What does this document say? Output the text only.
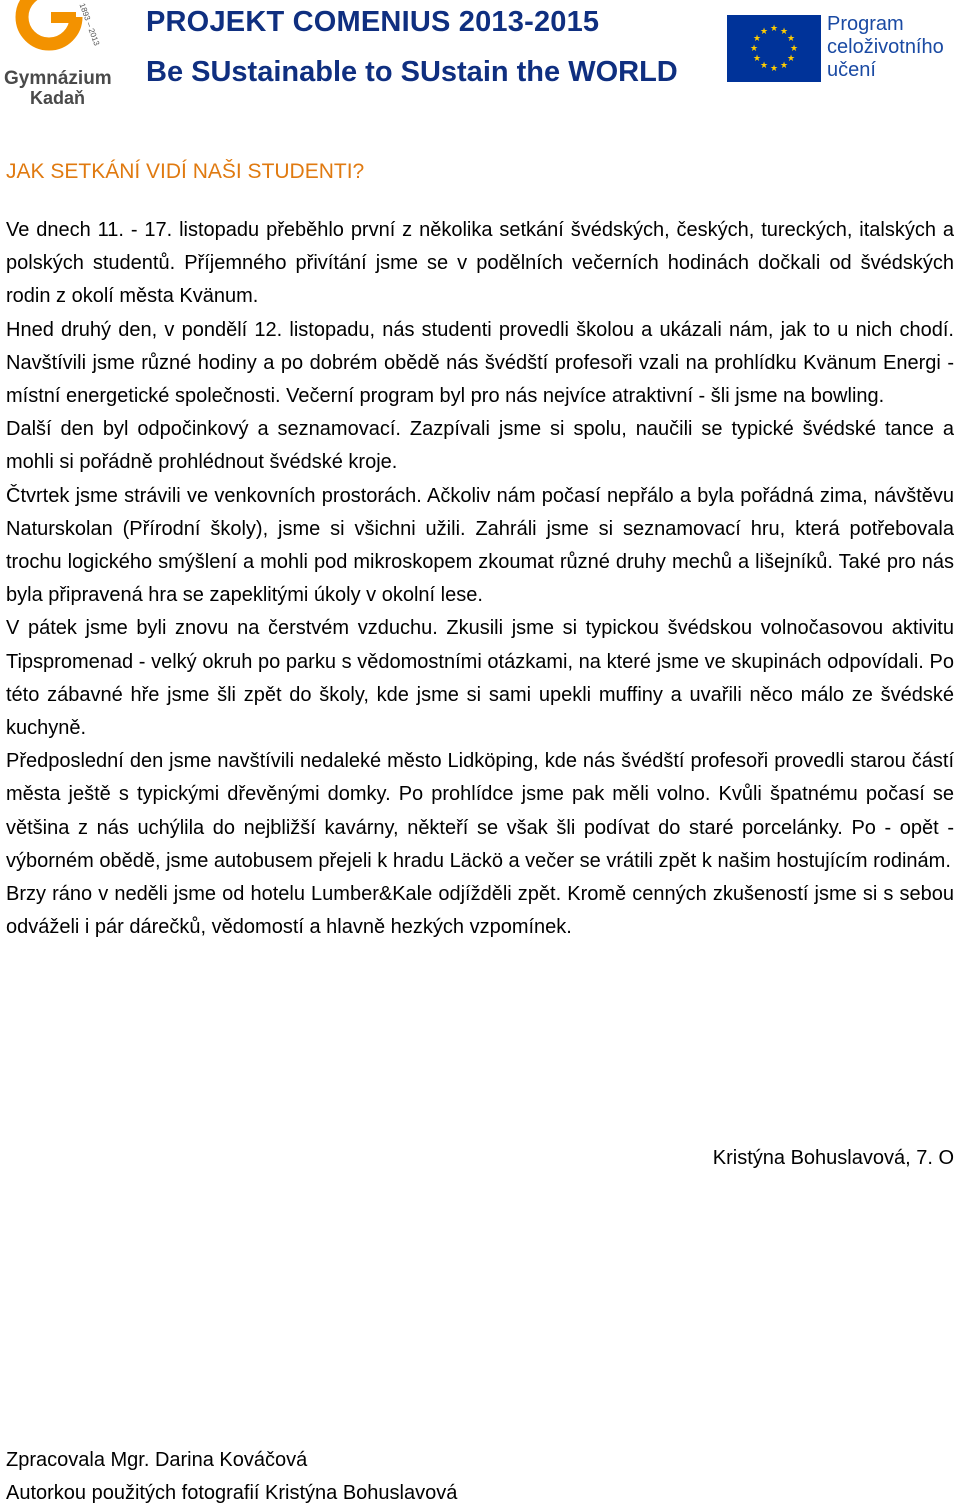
1893 – 2013
Gymnázium
Kadaň
PROJEKT COMENIUS 2013-2015
Be SUstainable to SUstain the WORLD
★ ★
★
★
★
★
★
★
★
★
★
★	Program
celoživotního
učení
JAK SETKÁNÍ VIDÍ NAŠI STUDENTI?

Ve dnech 11. - 17. listopadu přeběhlo první z několika setkání švédských, českých, tureckých, italských a polských studentů. Příjemného přivítání jsme se v podělních večerních hodinách dočkali od švédských rodin z okolí města Kvänum.

Hned druhý den, v pondělí 12. listopadu, nás studenti provedli školou a ukázali nám, jak to u nich chodí. Navštívili jsme různé hodiny a po dobrém obědě nás švédští profesoři vzali na prohlídku Kvänum Energi - místní energetické společnosti. Večerní program byl pro nás nejvíce atraktivní - šli jsme na bowling.

Další den byl odpočinkový a seznamovací. Zazpívali jsme si spolu, naučili se typické švédské tance a mohli si pořádně prohlédnout švédské kroje.

Čtvrtek jsme strávili ve venkovních prostorách. Ačkoliv nám počasí nepřálo a byla pořádná zima, návštěvu Naturskolan (Přírodní školy), jsme si všichni užili. Zahráli jsme si seznamovací hru, která potřebovala trochu logického smýšlení a mohli pod mikroskopem zkoumat různé druhy mechů a lišejníků. Také pro nás byla připravená hra se zapeklitými úkoly v okolní lese.

V pátek jsme byli znovu na čerstvém vzduchu. Zkusili jsme si typickou švédskou volnočasovou aktivitu Tipspromenad - velký okruh po parku s vědomostními otázkami, na které jsme ve skupinách odpovídali. Po této zábavné hře jsme šli zpět do školy, kde jsme si sami upekli muffiny a uvařili něco málo ze švédské kuchyně.

Předposlední den jsme navštívili nedaleké město Lidköping, kde nás švédští profesoři provedli starou částí města ještě s typickými dřevěnými domky. Po prohlídce jsme pak měli volno. Kvůli špatnému počasí se většina z nás uchýlila do nejbližší kavárny, někteří se však šli podívat do staré porcelánky. Po - opět - výborném obědě, jsme autobusem přejeli k hradu Läckö a večer se vrátili zpět k našim hostujícím rodinám.

Brzy ráno v neděli jsme od hotelu Lumber&Kale odjížděli zpět. Kromě cenných zkušeností jsme si s sebou odváželi i pár dárečků, vědomostí a hlavně hezkých vzpomínek.

Kristýna Bohuslavová, 7. O
Zpracovala Mgr. Darina Kováčová
Autorkou použitých fotografií Kristýna Bohuslavová
